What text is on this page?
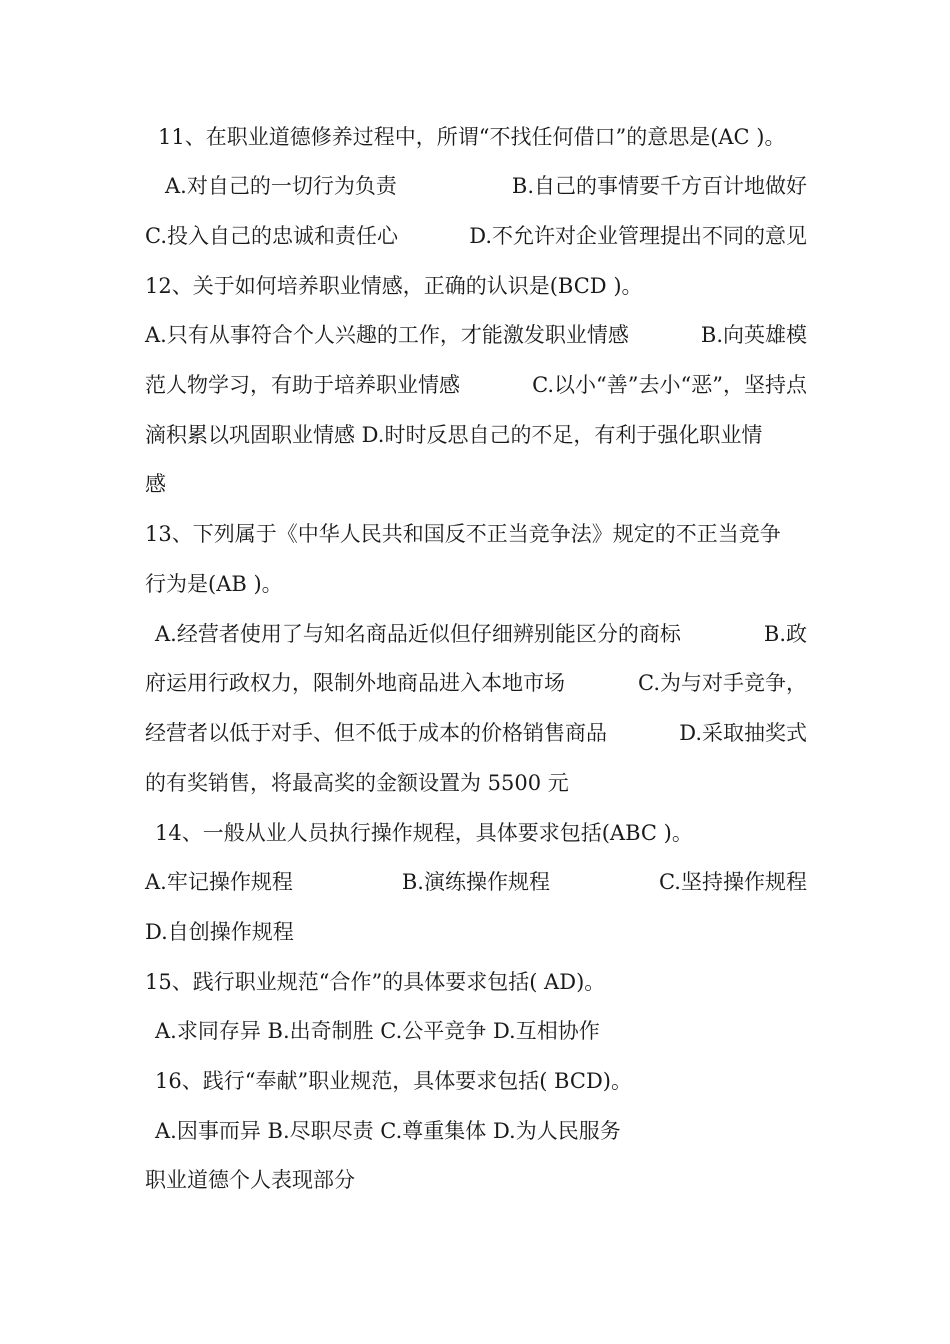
11、在职业道德修养过程中，所谓“不找任何借口”的意思是(AC )。
A.对自己的一切行为负责	B.自己的事情要千方百计地做好
C.投入自己的忠诚和责任心	D.不允许对企业管理提出不同的意见
12、关于如何培养职业情感，正确的认识是(BCD )。
A.只有从事符合个人兴趣的工作，才能激发职业情感	B.向英雄模
范人物学习，有助于培养职业情感	C.以小“善”去小“恶”，坚持点
滴积累以巩固职业情感 D.时时反思自己的不足，有利于强化职业情
感
13、下列属于《中华人民共和国反不正当竞争法》规定的不正当竞争
行为是(AB )。
A.经营者使用了与知名商品近似但仔细辨别能区分的商标	B.政
府运用行政权力，限制外地商品进入本地市场	C.为与对手竞争，
经营者以低于对手、但不低于成本的价格销售商品	D.采取抽奖式
的有奖销售，将最高奖的金额设置为 5500 元
14、一般从业人员执行操作规程，具体要求包括(ABC )。
A.牢记操作规程	B.演练操作规程	C.坚持操作规程
D.自创操作规程
15、践行职业规范“合作”的具体要求包括( AD)。
A.求同存异 B.出奇制胜 C.公平竞争 D.互相协作
16、践行“奉献”职业规范，具体要求包括( BCD)。
A.因事而异 B.尽职尽责 C.尊重集体 D.为人民服务
职业道德个人表现部分
